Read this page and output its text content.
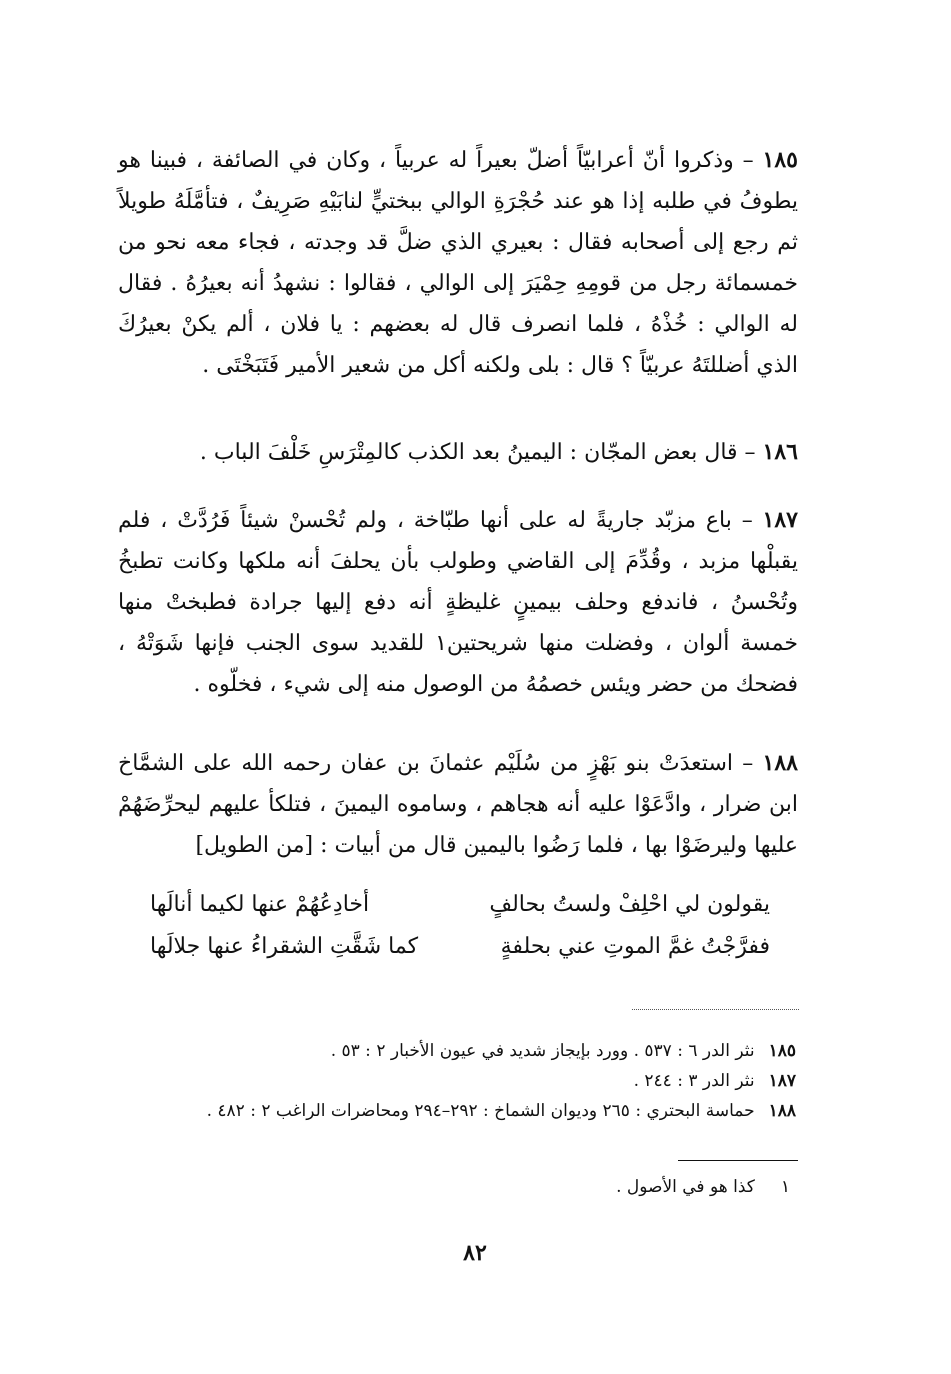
١٨٥ – وذكروا أنّ أعرابيّاً أضلّ بعيراً له عربياً ، وكان في الصائفة ، فبينا هو يطوفُ في طلبه إذا هو عند حُجْرَةِ الوالي ببختيٍّ لنابَيْهِ صَرِيفٌ ، فتأمَّلَهُ طويلاً ثم رجع إلى أصحابه فقال : بعيري الذي ضلَّ قد وجدته ، فجاء معه نحو من خمسمائة رجل من قومِهِ حِمْيَرَ إلى الوالي ، فقالوا : نشهدُ أنه بعيرُهُ . فقال له الوالي : خُذْهُ ، فلما انصرف قال له بعضهم : يا فلان ، ألم يكنْ بعيرُكَ الذي أضللتَهُ عربيّاً ؟ قال : بلى ولكنه أكل من شعير الأمير فَتَبَخْتَى .
١٨٦ – قال بعض المجّان : اليمينُ بعد الكذب كالمِتْرَسِ خَلْفَ الباب .
١٨٧ – باع مزبّد جاريةً له على أنها طبّاخة ، ولم تُحْسنْ شيئاً فَرُدَّتْ ، فلم يقبلْها مزبد ، وقُدِّمَ إلى القاضي وطولب بأن يحلفَ أنه ملكها وكانت تطبخُ وتُحْسنُ ، فاندفع وحلف بيمينٍ غليظةٍ أنه دفع إليها جرادة فطبختْ منها خمسة ألوان ، وفضلت منها شريحتين١ للقديد سوى الجنب فإنها شَوَتْهُ ، فضحك من حضر ويئس خصمُهُ من الوصول منه إلى شيء ، فخلّوه .
١٨٨ – استعدَتْ بنو بَهْزٍ من سُلَيْم عثمانَ بن عفان رحمه الله على الشمَّاخ ابن ضرار ، وادَّعَوْا عليه أنه هجاهم ، وساموه اليمينَ ، فتلكأ عليهم ليحرِّضَهُمْ عليها وليرضَوْا بها ، فلما رَضُوا باليمين قال من أبيات : [من الطويل]
يقولون لي احْلِفْ ولستُ بحالفٍ
أخادِعُهُمْ عنها لكيما أنالَها
ففرَّجْتُ غمَّ الموتِ عني بحلفةٍ
كما شَقَّتِ الشقراءُ عنها جلالَها
١٨٥نثر الدر ٦ : ٥٣٧ . وورد بإيجاز شديد في عيون الأخبار ٢ : ٥٣ .
١٨٧نثر الدر ٣ : ٢٤٤ .
١٨٨حماسة البحتري : ٢٦٥ وديوان الشماخ : ٢٩٢–٢٩٤ ومحاضرات الراغب ٢ : ٤٨٢ .
١كذا هو في الأصول .
٨٢
